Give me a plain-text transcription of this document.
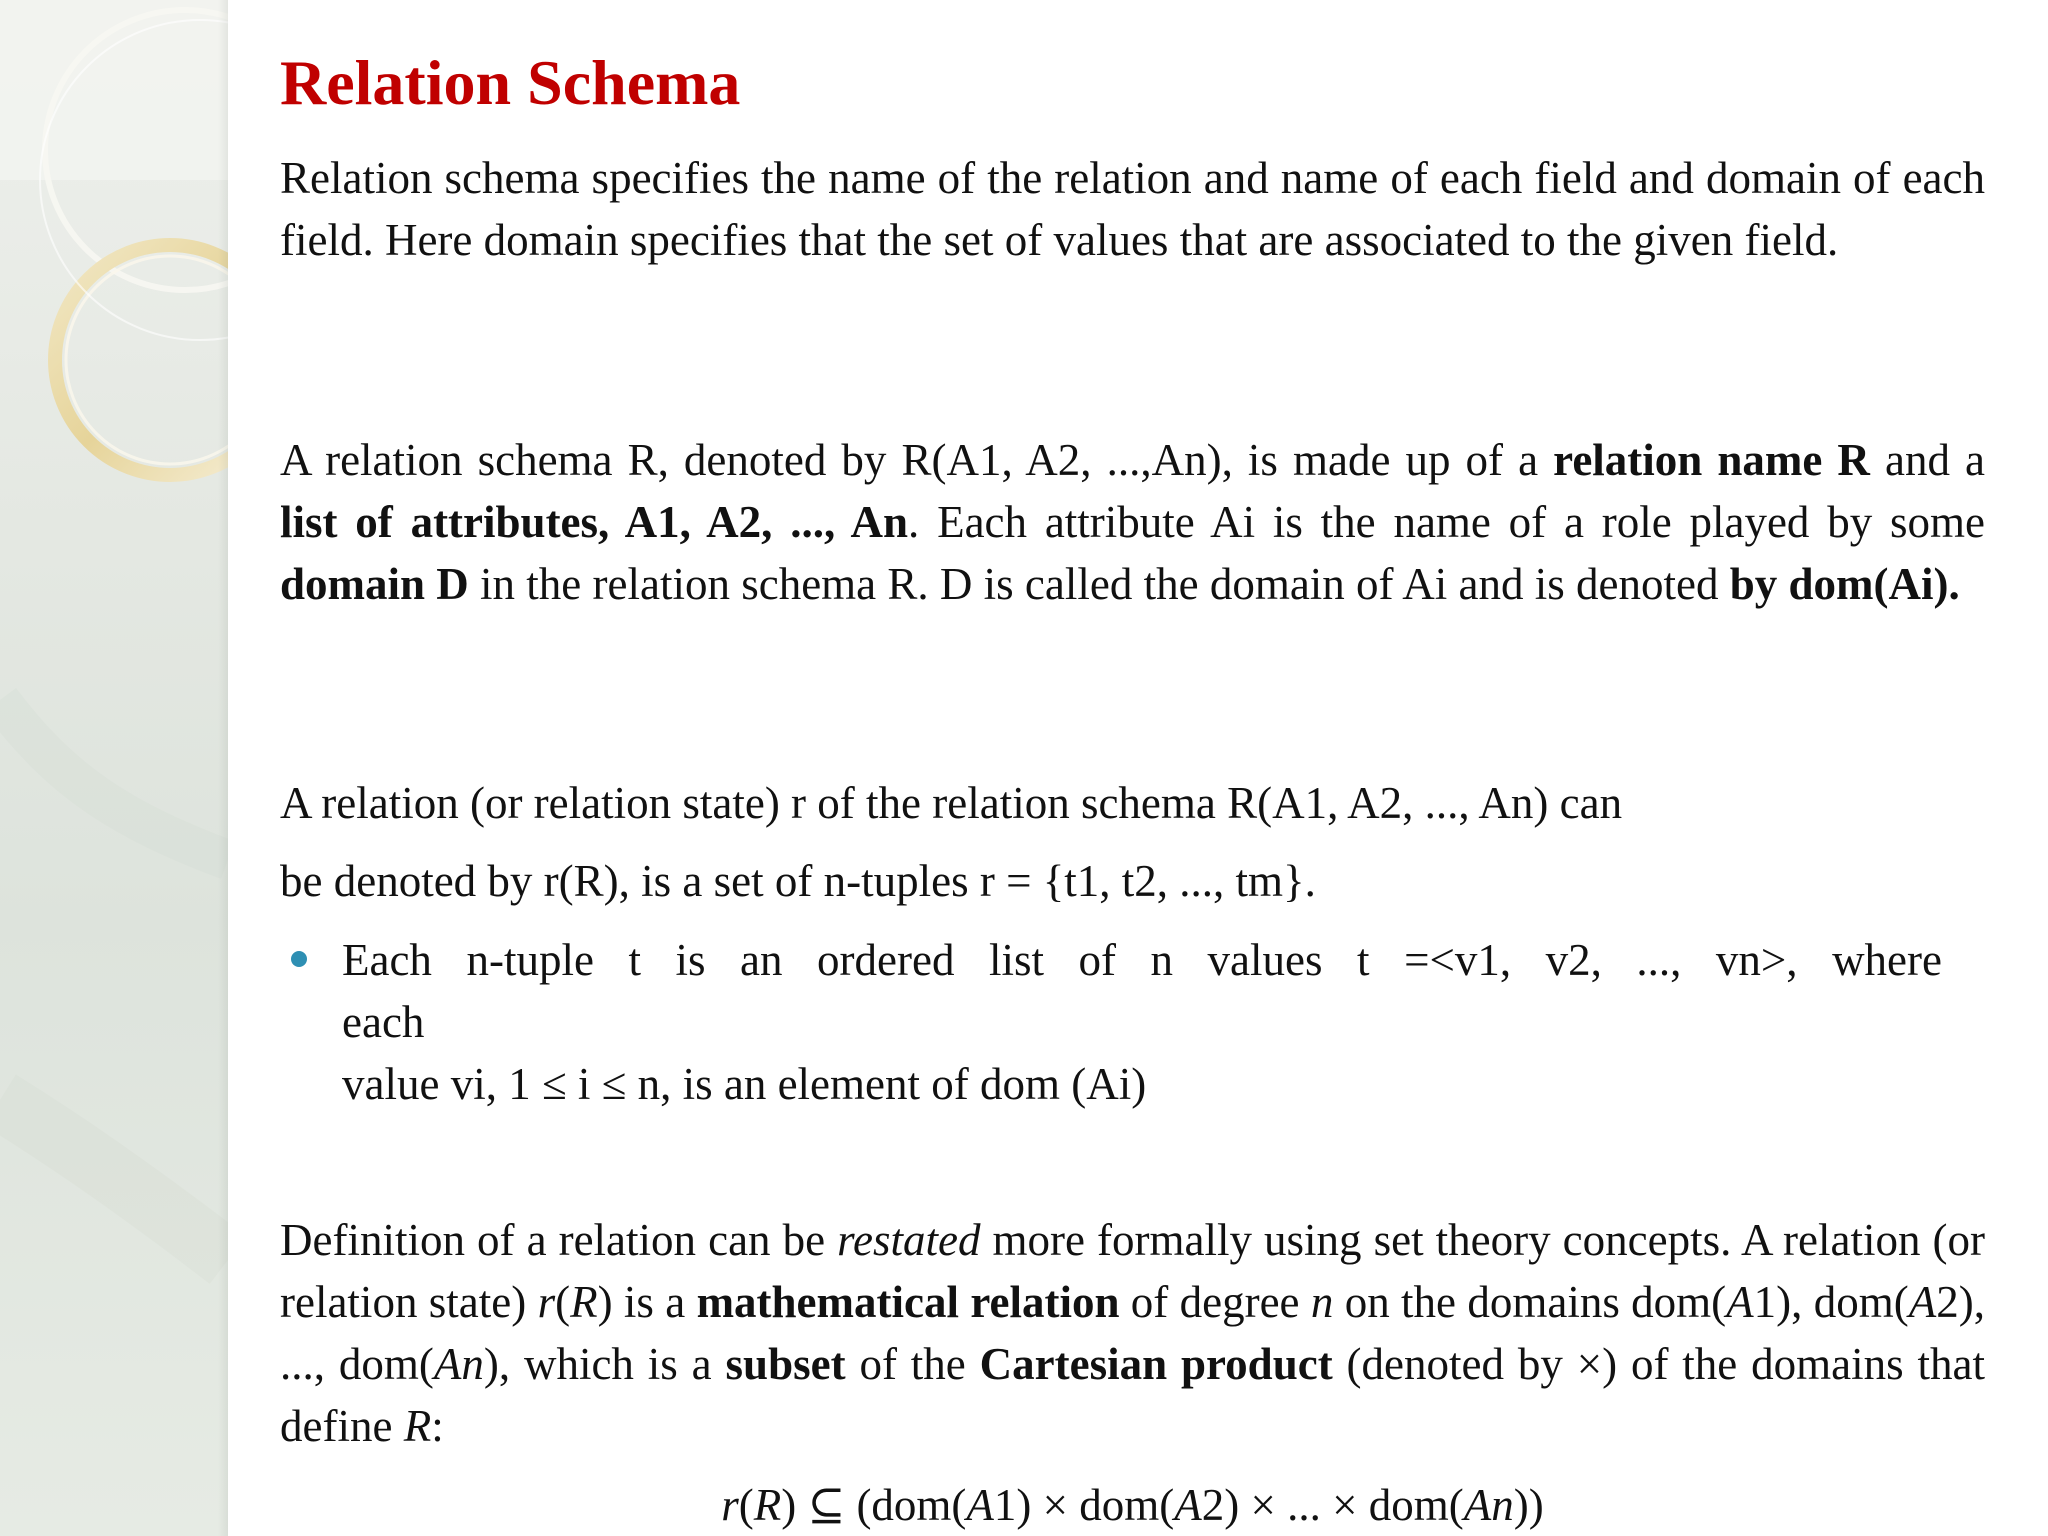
Relation Schema

Relation schema specifies the name of the relation and name of each field and domain of each field. Here domain specifies that the set of values that are associated to the given field.

A relation schema R, denoted by R(A1, A2, ...,An), is made up of a relation name R and a list of attributes, A1, A2, ..., An. Each attribute Ai is the name of a role played by some domain D in the relation schema R. D is called the domain of Ai and is denoted by dom(Ai).

A relation (or relation state) r of the relation schema R(A1, A2, ..., An) can

be denoted by r(R), is a set of n-tuples r = {t1, t2, ..., tm}.

Each n-tuple t is an ordered list of n values t =<v1, v2, ..., vn>, where
each
value vi, 1 ≤ i ≤ n, is an element of dom (Ai)

Definition of a relation can be restated more formally using set theory concepts. A relation (or relation state) r(R) is a mathematical relation of degree n on the domains dom(A1), dom(A2), ..., dom(An), which is a subset of the Cartesian product (denoted by ×) of the domains that define R:

r(R) ⊆ (dom(A1) × dom(A2) × ... × dom(An))
